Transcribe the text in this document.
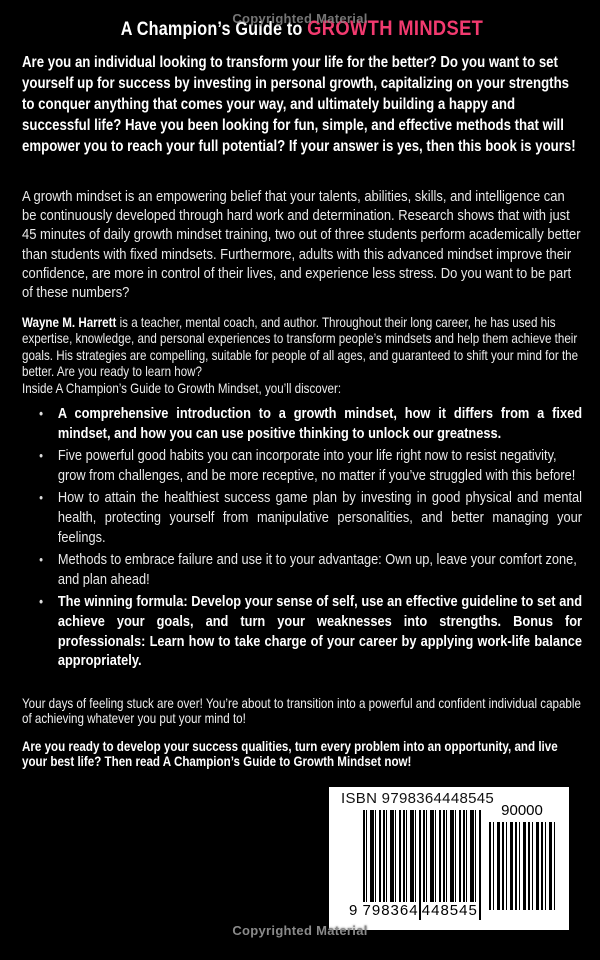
Copyrighted Material
A Champion’s Guide to GROWTH MINDSET
Are you an individual looking to transform your life for the better? Do you want to set yourself up for success by investing in personal growth, capitalizing on your strengths to conquer anything that comes your way, and ultimately building a happy and successful life? Have you been looking for fun, simple, and effective methods that will empower you to reach your full potential? If your answer is yes, then this book is yours!
A growth mindset is an empowering belief that your talents, abilities, skills, and intelligence can be continuously developed through hard work and determination. Research shows that with just 45 minutes of daily growth mindset training, two out of three students perform academically better than students with fixed mindsets. Furthermore, adults with this advanced mindset improve their confidence, are more in control of their lives, and experience less stress. Do you want to be part of these numbers?
Wayne M. Harrett is a teacher, mental coach, and author. Throughout their long career, he has used his expertise, knowledge, and personal experiences to transform people’s mindsets and help them achieve their goals. His strategies are compelling, suitable for people of all ages, and guaranteed to shift your mind for the better. Are you ready to learn how?
Inside A Champion’s Guide to Growth Mindset, you’ll discover:
• A comprehensive introduction to a growth mindset, how it differs from a fixed mindset, and how you can use positive thinking to unlock our greatness.
• Five powerful good habits you can incorporate into your life right now to resist negativity, grow from challenges, and be more receptive, no matter if you’ve struggled with this before!
• How to attain the healthiest success game plan by investing in good physical and mental health, protecting yourself from manipulative personalities, and better managing your feelings.
• Methods to embrace failure and use it to your advantage: Own up, leave your comfort zone, and plan ahead!
• The winning formula: Develop your sense of self, use an effective guideline to set and achieve your goals, and turn your weaknesses into strengths. Bonus for professionals: Learn how to take charge of your career by applying work-life balance appropriately.
Your days of feeling stuck are over! You’re about to transition into a powerful and confident individual capable of achieving whatever you put your mind to!
Are you ready to develop your success qualities, turn every problem into an opportunity, and live your best life? Then read A Champion’s Guide to Growth Mindset now!
ISBN 9798364448545
9 798364 448545
90000
Copyrighted Material
